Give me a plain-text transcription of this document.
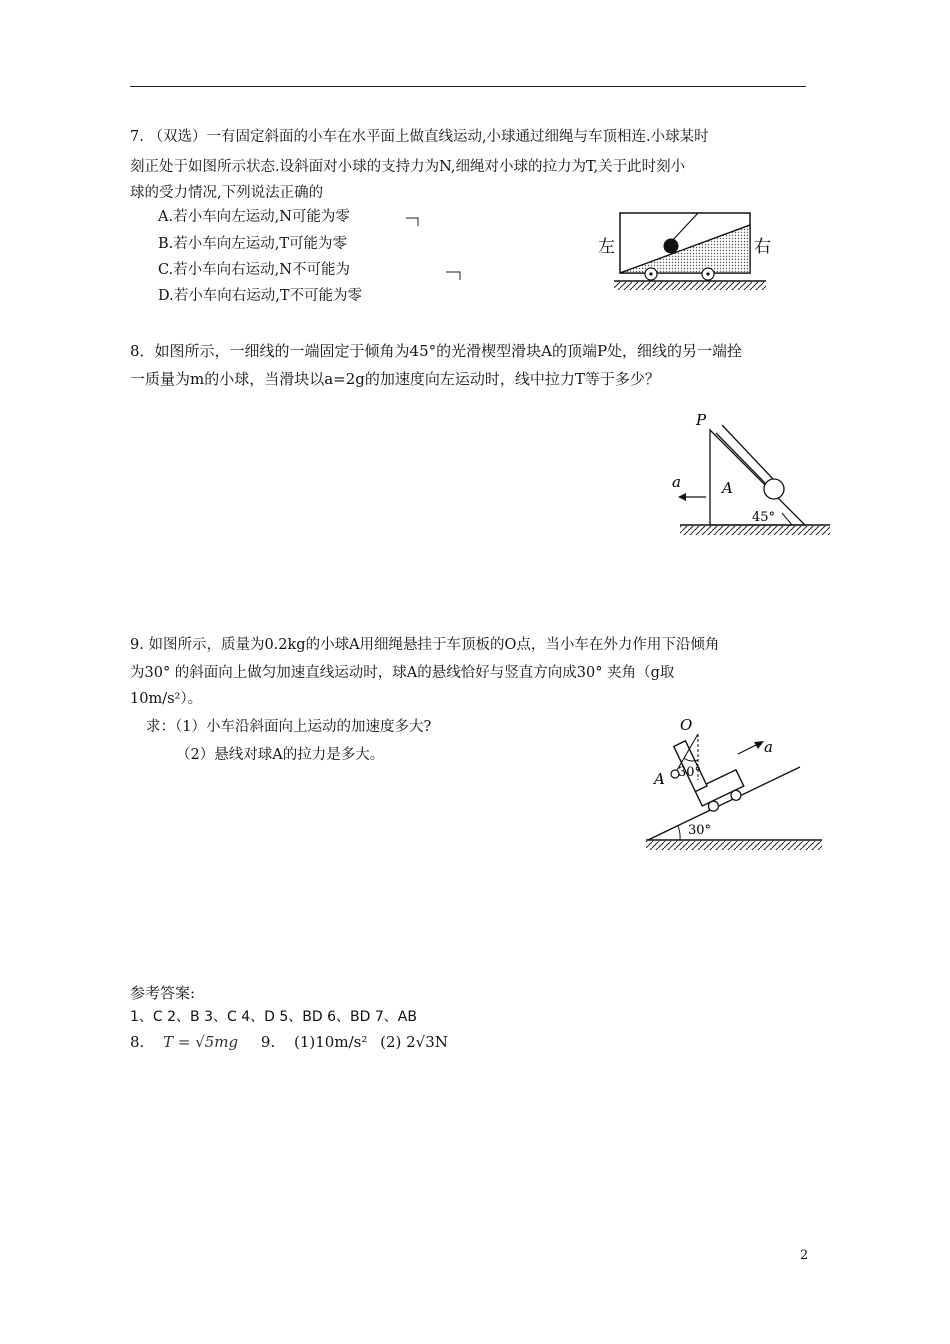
7. （双选）一有固定斜面的小车在水平面上做直线运动,小球通过细绳与车顶相连.小球某时
刻正处于如图所示状态.设斜面对小球的支持力为N,细绳对小球的拉力为T,关于此时刻小
球的受力情况,下列说法正确的
A.若小车向左运动,N可能为零
B.若小车向左运动,T可能为零
C.若小车向右运动,N不可能为
D.若小车向右运动,T不可能为零
左	右
8．如图所示，一细线的一端固定于倾角为45°的光滑楔型滑块A的顶端P处，细线的另一端拴
一质量为m的小球，当滑块以a=2g的加速度向左运动时，线中拉力T等于多少？
P
a	A
45°
9. 如图所示，质量为0.2kg的小球A用细绳悬挂于车顶板的O点，当小车在外力作用下沿倾角
为30° 的斜面向上做匀加速直线运动时，球A的悬线恰好与竖直方向成30° 夹角（g取
10m/s²）。
求：（1）小车沿斜面向上运动的加速度多大?
（2）悬线对球A的拉力是多大。
O
A
a
30°
30°
参考答案:
1、C 2、B 3、C 4、D 5、BD 6、BD 7、AB
8. T = √5mg 9. (1)10m/s² (2) 2√3N
2
